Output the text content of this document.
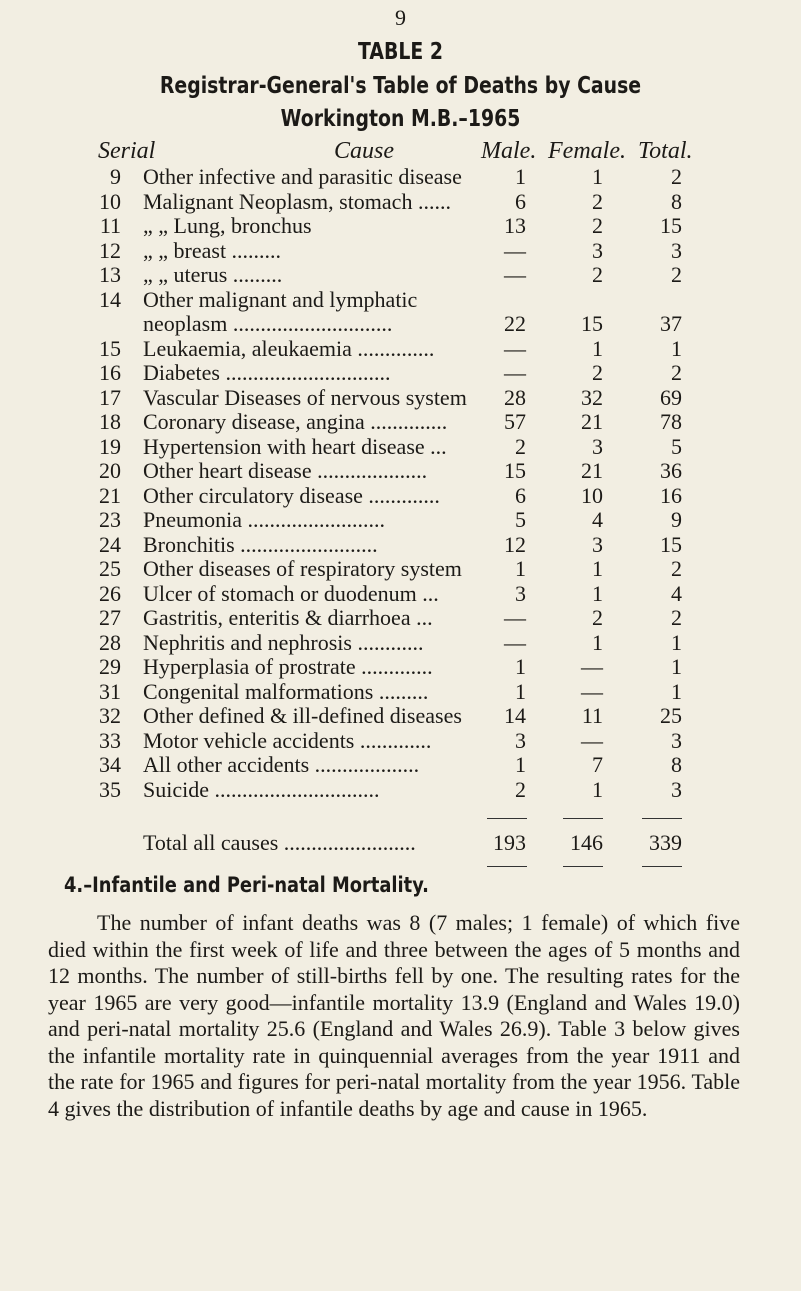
9
TABLE 2
Registrar-General's Table of Deaths by Cause
Workington M.B.–1965
Serial	Cause	Male. Female. Total.
9 Other infective and parasitic disease 1	1	2
10 Malignant Neoplasm, stomach ......	6	2	8
11 „ „ Lung, bronchus	13	2	15
12 „ „ breast .........	—	3	3
13 „ „ uterus .........	—	2	2
14 Other malignant and lymphatic
neoplasm .............................	22	15	37
15 Leukaemia, aleukaemia ..............	—	1	1
16 Diabetes ..............................	—	2	2
17 Vascular Diseases of nervous system 28	32	69
18 Coronary disease, angina ..............	57	21	78
19 Hypertension with heart disease ...	2	3	5
20 Other heart disease ....................	15	21	36
21 Other circulatory disease .............	6	10	16
23 Pneumonia .........................	5	4	9
24 Bronchitis .........................	12	3	15
25 Other diseases of respiratory system 1	1	2
26 Ulcer of stomach or duodenum ...	3	1	4
27 Gastritis, enteritis & diarrhoea ...	—	2	2
28 Nephritis and nephrosis ............	—	1	1
29 Hyperplasia of prostrate .............	1	—	1
31 Congenital malformations .........	1	—	1
32 Other defined & ill-defined diseases 14	11	25
33 Motor vehicle accidents .............	3	—	3
34 All other accidents ...................	1	7	8
35 Suicide ..............................	2	1	3
Total all causes ........................	193 146 339
4.–Infantile and Peri-natal Mortality.
The number of infant deaths was 8 (7 males; 1 female) of which five died within the first week of life and three between the ages of 5 months and 12 months. The number of still-births fell by one. The resulting rates for the year 1965 are very good—infantile mortality 13.9 (England and Wales 19.0) and peri-natal mortality 25.6 (England and Wales 26.9). Table 3 below gives the infantile mortality rate in quinquennial averages from the year 1911 and the rate for 1965 and figures for peri-natal mortality from the year 1956. Table 4 gives the distribution of infantile deaths by age and cause in 1965.
